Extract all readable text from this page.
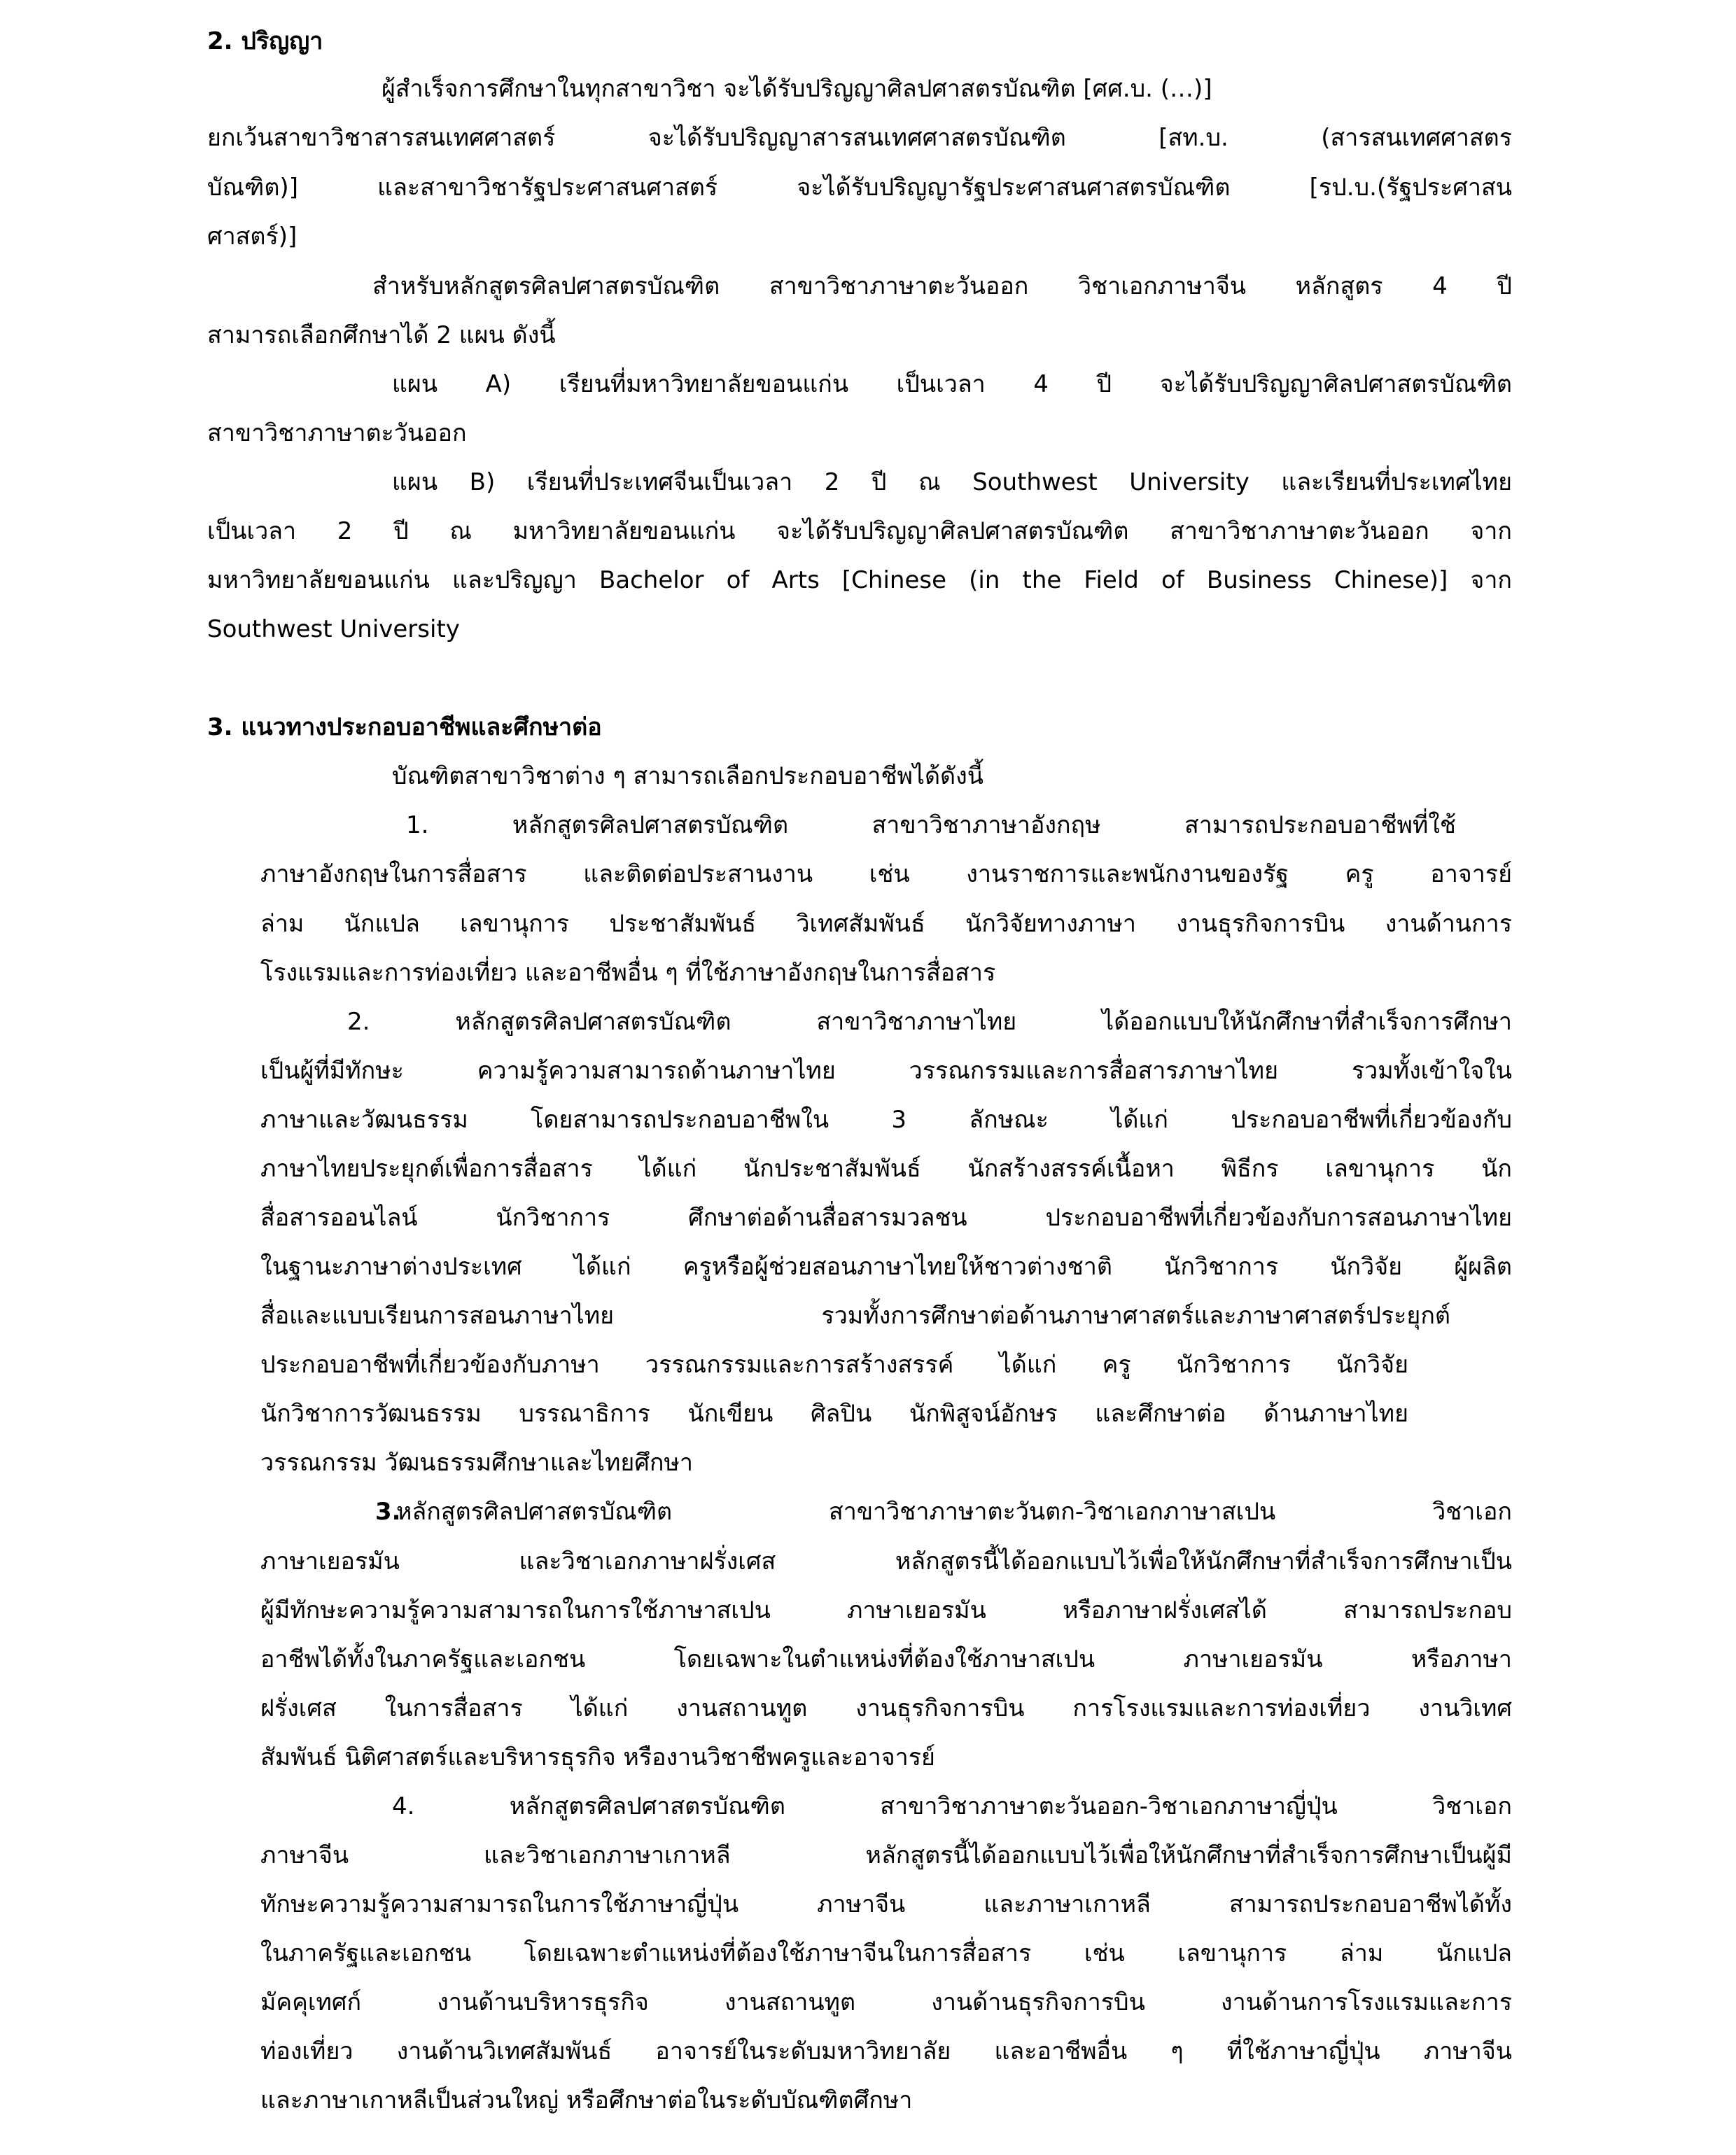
2. ปริญญา
ผู้สำเร็จการศึกษาในทุกสาขาวิชา จะได้รับปริญญาศิลปศาสตรบัณฑิต [ศศ.บ. (…)]
ยกเว้นสาขาวิชาสารสนเทศศาสตร์ จะได้รับปริญญาสารสนเทศศาสตรบัณฑิต [สท.บ. (สารสนเทศศาสตร
บัณฑิต)] และสาขาวิชารัฐประศาสนศาสตร์ จะได้รับปริญญารัฐประศาสนศาสตรบัณฑิต [รป.บ.(รัฐประศาสน
ศาสตร์)]
สำหรับหลักสูตรศิลปศาสตรบัณฑิต สาขาวิชาภาษาตะวันออก วิชาเอกภาษาจีน หลักสูตร 4 ปี
สามารถเลือกศึกษาได้ 2 แผน ดังนี้
แผน A) เรียนที่มหาวิทยาลัยขอนแก่น เป็นเวลา 4 ปี จะได้รับปริญญาศิลปศาสตรบัณฑิต
สาขาวิชาภาษาตะวันออก
แผน B) เรียนที่ประเทศจีนเป็นเวลา 2 ปี ณ Southwest University และเรียนที่ประเทศไทย
เป็นเวลา 2 ปี ณ มหาวิทยาลัยขอนแก่น จะได้รับปริญญาศิลปศาสตรบัณฑิต สาขาวิชาภาษาตะวันออก จาก
มหาวิทยาลัยขอนแก่น และปริญญา Bachelor of Arts [Chinese (in the Field of Business Chinese)] จาก
Southwest University
3. แนวทางประกอบอาชีพและศึกษาต่อ
บัณฑิตสาขาวิชาต่าง ๆ สามารถเลือกประกอบอาชีพได้ดังนี้
1. หลักสูตรศิลปศาสตรบัณฑิต สาขาวิชาภาษาอังกฤษ สามารถประกอบอาชีพที่ใช้
ภาษาอังกฤษในการสื่อสาร และติดต่อประสานงาน เช่น งานราชการและพนักงานของรัฐ ครู อาจารย์
ล่าม นักแปล เลขานุการ ประชาสัมพันธ์ วิเทศสัมพันธ์ นักวิจัยทางภาษา งานธุรกิจการบิน งานด้านการ
โรงแรมและการท่องเที่ยว และอาชีพอื่น ๆ ที่ใช้ภาษาอังกฤษในการสื่อสาร
2. หลักสูตรศิลปศาสตรบัณฑิต สาขาวิชาภาษาไทย ได้ออกแบบให้นักศึกษาที่สำเร็จการศึกษา
เป็นผู้ที่มีทักษะ ความรู้ความสามารถด้านภาษาไทย วรรณกรรมและการสื่อสารภาษาไทย รวมทั้งเข้าใจใน
ภาษาและวัฒนธรรม โดยสามารถประกอบอาชีพใน 3 ลักษณะ ได้แก่ ประกอบอาชีพที่เกี่ยวข้องกับ
ภาษาไทยประยุกต์เพื่อการสื่อสาร ได้แก่ นักประชาสัมพันธ์ นักสร้างสรรค์เนื้อหา พิธีกร เลขานุการ นัก
สื่อสารออนไลน์ นักวิชาการ ศึกษาต่อด้านสื่อสารมวลชน ประกอบอาชีพที่เกี่ยวข้องกับการสอนภาษาไทย
ในฐานะภาษาต่างประเทศ ได้แก่ ครูหรือผู้ช่วยสอนภาษาไทยให้ชาวต่างชาติ นักวิชาการ นักวิจัย ผู้ผลิต
สื่อและแบบเรียนการสอนภาษาไทย รวมทั้งการศึกษาต่อด้านภาษาศาสตร์และภาษาศาสตร์ประยุกต์
ประกอบอาชีพที่เกี่ยวข้องกับภาษา วรรณกรรมและการสร้างสรรค์ ได้แก่ ครู นักวิชาการ นักวิจัย
นักวิชาการวัฒนธรรม บรรณาธิการ นักเขียน ศิลปิน นักพิสูจน์อักษร และศึกษาต่อ ด้านภาษาไทย
วรรณกรรม วัฒนธรรมศึกษาและไทยศึกษา
3.
หลักสูตรศิลปศาสตรบัณฑิต สาขาวิชาภาษาตะวันตก-วิชาเอกภาษาสเปน วิชาเอก
ภาษาเยอรมัน และวิชาเอกภาษาฝรั่งเศส หลักสูตรนี้ได้ออกแบบไว้เพื่อให้นักศึกษาที่สำเร็จการศึกษาเป็น
ผู้มีทักษะความรู้ความสามารถในการใช้ภาษาสเปน ภาษาเยอรมัน หรือภาษาฝรั่งเศสได้ สามารถประกอบ
อาชีพได้ทั้งในภาครัฐและเอกชน โดยเฉพาะในตำแหน่งที่ต้องใช้ภาษาสเปน ภาษาเยอรมัน หรือภาษา
ฝรั่งเศส ในการสื่อสาร ได้แก่ งานสถานทูต งานธุรกิจการบิน การโรงแรมและการท่องเที่ยว งานวิเทศ
สัมพันธ์ นิติศาสตร์และบริหารธุรกิจ หรืองานวิชาชีพครูและอาจารย์
4. หลักสูตรศิลปศาสตรบัณฑิต สาขาวิชาภาษาตะวันออก-วิชาเอกภาษาญี่ปุ่น วิชาเอก
ภาษาจีน และวิชาเอกภาษาเกาหลี หลักสูตรนี้ได้ออกแบบไว้เพื่อให้นักศึกษาที่สำเร็จการศึกษาเป็นผู้มี
ทักษะความรู้ความสามารถในการใช้ภาษาญี่ปุ่น ภาษาจีน และภาษาเกาหลี สามารถประกอบอาชีพได้ทั้ง
ในภาครัฐและเอกชน โดยเฉพาะตำแหน่งที่ต้องใช้ภาษาจีนในการสื่อสาร เช่น เลขานุการ ล่าม นักแปล
มัคคุเทศก์ งานด้านบริหารธุรกิจ งานสถานทูต งานด้านธุรกิจการบิน งานด้านการโรงแรมและการ
ท่องเที่ยว งานด้านวิเทศสัมพันธ์ อาจารย์ในระดับมหาวิทยาลัย และอาชีพอื่น ๆ ที่ใช้ภาษาญี่ปุ่น ภาษาจีน
และภาษาเกาหลีเป็นส่วนใหญ่ หรือศึกษาต่อในระดับบัณฑิตศึกษา
